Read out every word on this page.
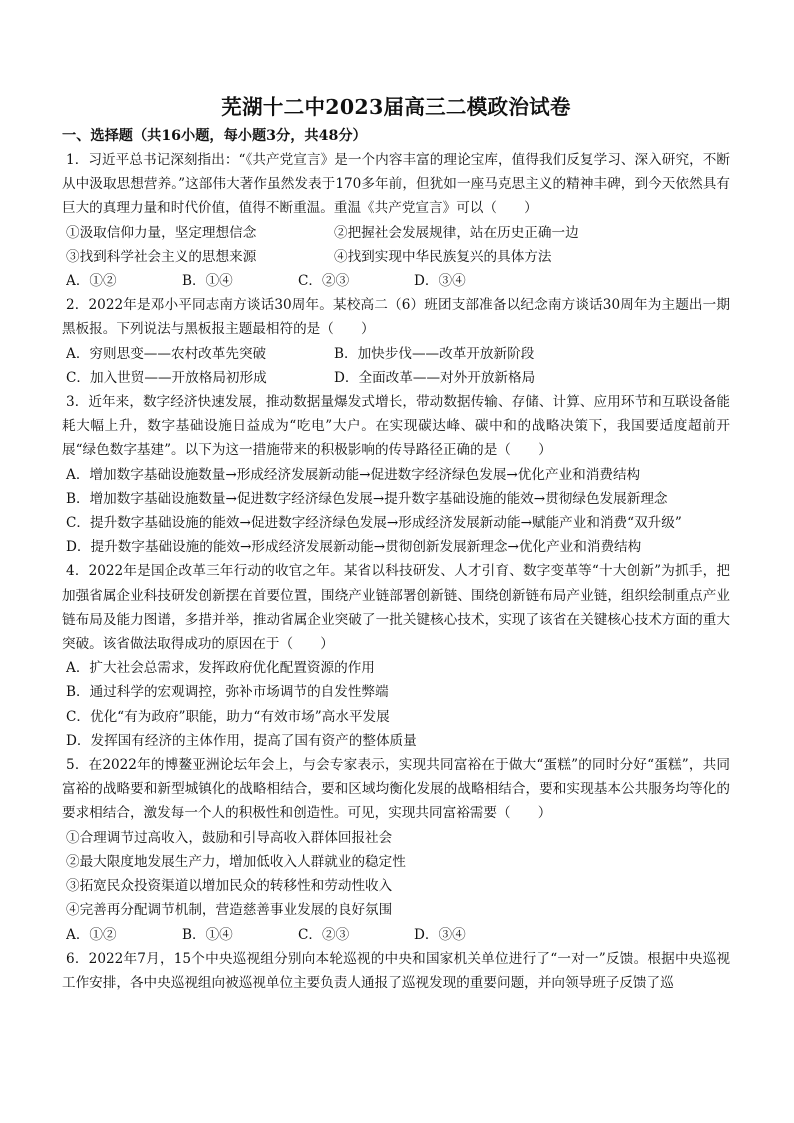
芜湖十二中2023届高三二模政治试卷
一、选择题（共16小题，每小题3分，共48分）

1．习近平总书记深刻指出：“《共产党宣言》是一个内容丰富的理论宝库，值得我们反复学习、深入研究，不断从中汲取思想营养。”这部伟大著作虽然发表于170多年前，但犹如一座马克思主义的精神丰碑，到今天依然具有巨大的真理力量和时代价值，值得不断重温。重温《共产党宣言》可以（　　）

①汲取信仰力量，坚定理想信念	②把握社会发展规律，站在历史正确一边
③找到科学社会主义的思想来源	④找到实现中华民族复兴的具体方法
A．①②	B．①④	C．②③	D．③④

2．2022年是邓小平同志南方谈话30周年。某校高二（6）班团支部准备以纪念南方谈话30周年为主题出一期黑板报。下列说法与黑板报主题最相符的是（　　）

A．穷则思变——农村改革先突破	B．加快步伐——改革开放新阶段
C．加入世贸——开放格局初形成	D．全面改革——对外开放新格局

3．近年来，数字经济快速发展，推动数据量爆发式增长，带动数据传输、存储、计算、应用环节和互联设备能耗大幅上升，数字基础设施日益成为“吃电”大户。在实现碳达峰、碳中和的战略决策下，我国要适度超前开展“绿色数字基建”。以下为这一措施带来的积极影响的传导路径正确的是（　　）

A．增加数字基础设施数量→形成经济发展新动能→促进数字经济绿色发展→优化产业和消费结构

B．增加数字基础设施数量→促进数字经济绿色发展→提升数字基础设施的能效→贯彻绿色发展新理念

C．提升数字基础设施的能效→促进数字经济绿色发展→形成经济发展新动能→赋能产业和消费“双升级”

D．提升数字基础设施的能效→形成经济发展新动能→贯彻创新发展新理念→优化产业和消费结构

4．2022年是国企改革三年行动的收官之年。某省以科技研发、人才引育、数字变革等“十大创新”为抓手，把加强省属企业科技研发创新摆在首要位置，围绕产业链部署创新链、围绕创新链布局产业链，组织绘制重点产业链布局及能力图谱，多措并举，推动省属企业突破了一批关键核心技术，实现了该省在关键核心技术方面的重大突破。该省做法取得成功的原因在于（　　）

A．扩大社会总需求，发挥政府优化配置资源的作用

B．通过科学的宏观调控，弥补市场调节的自发性弊端

C．优化“有为政府”职能，助力“有效市场”高水平发展

D．发挥国有经济的主体作用，提高了国有资产的整体质量

5．在2022年的博鳌亚洲论坛年会上，与会专家表示，实现共同富裕在于做大“蛋糕”的同时分好“蛋糕”，共同富裕的战略要和新型城镇化的战略相结合，要和区域均衡化发展的战略相结合，要和实现基本公共服务均等化的要求相结合，激发每一个人的积极性和创造性。可见，实现共同富裕需要（　　）

①合理调节过高收入，鼓励和引导高收入群体回报社会

②最大限度地发展生产力，增加低收入人群就业的稳定性

③拓宽民众投资渠道以增加民众的转移性和劳动性收入

④完善再分配调节机制，营造慈善事业发展的良好氛围

A．①②	B．①④	C．②③	D．③④

6．2022年7月，15个中央巡视组分别向本轮巡视的中央和国家机关单位进行了“一对一”反馈。根据中央巡视工作安排，各中央巡视组向被巡视单位主要负责人通报了巡视发现的重要问题，并向领导班子反馈了巡
